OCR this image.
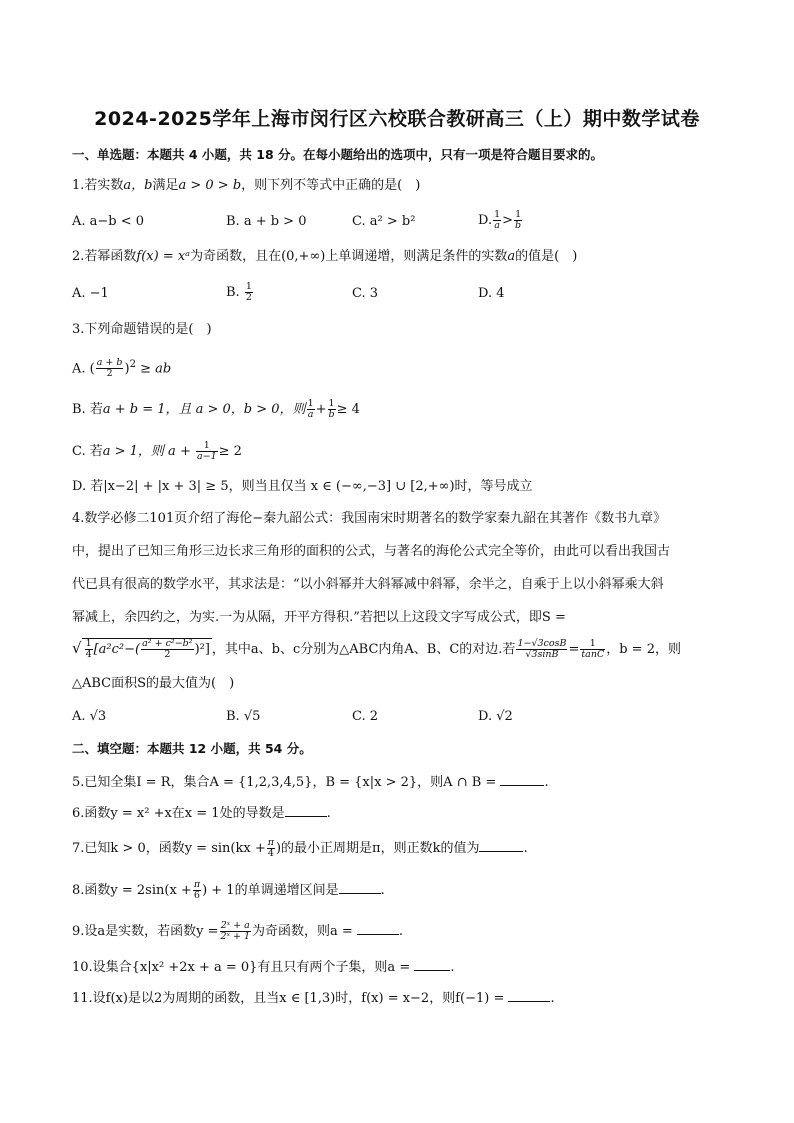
2024-2025学年上海市闵行区六校联合教研高三（上）期中数学试卷
一、单选题：本题共 4 小题，共 18 分。在每小题给出的选项中，只有一项是符合题目要求的。
1.若实数a，b满足a > 0 > b，则下列不等式中正确的是(　)
A. a−b < 0	B. a + b > 0	C. a² > b²	D. $\frac{1}{a} > \frac{1}{b}$
2.若幂函数f(x) = xᵃ为奇函数，且在(0,+∞)上单调递增，则满足条件的实数a的值是(　)
A. −1	B. $\frac{1}{2}$	C. 3	D. 4
3.下列命题错误的是(　)
A. ( $\frac{a + b}{2} )^2$ ≥ ab
B. 若a + b = 1，且 a > 0，b > 0，则 $\frac{1}{a} + \frac{1}{b} \ge 4$
C. 若a > 1，则 $a + \frac{1}{a-1} \ge 2$
D. 若|x−2| + |x + 3| ≥ 5，则当且仅当 x ∈ (−∞,−3] ∪ [2,+∞)时，等号成立
4.数学必修二101页介绍了海伦−秦九韶公式：我国南宋时期著名的数学家秦九韶在其著作《数书九章》
中，提出了已知三角形三边长求三角形的面积的公式，与著名的海伦公式完全等价，由此可以看出我国古
代已具有很高的数学水平，其求法是：“以小斜幂并大斜幂减中斜幂，余半之，自乘于上以小斜幂乘大斜
幂减上，余四约之，为实.一为从隔，开平方得积.”若把以上这段文字写成公式，即S =
√ $\frac{1}{4} [a^2c^2-( \frac{\text{a² + c²−b²}}{2} )^2]$ ，其中a、b、c分别为△ABC内角A、B、C的对边.若 $\frac{1-√3\cos B}{√3\sin B} = \frac{1}{\tan C}$ ，b = 2，则
△ABC面积S的最大值为(　)
A. √3	B. √5	C. 2	D. √2
二、填空题：本题共 12 小题，共 54 分。
5.已知全集I = R，集合A = {1,2,3,4,5}，B = {x|x > 2}，则A ∩ B =	.
6.函数y = x² +x在x = 1处的导数是	.
7.已知k > 0，函数$y = \sin(kx + \frac{\pi}{4}$ )的最小正周期是π，则正数k的值为	.
8.函数$y = 2\sin(x + \frac{\pi}{6}$ ) + 1的单调递增区间是	.
9.设a是实数，若函数$y = \frac{\text{2ˣ + a}}{\text{2ˣ + 1}}$ 为奇函数，则a =	.
10.设集合{x|x² +2x + a = 0}有且只有两个子集，则a =	.
11.设f(x)是以2为周期的函数，且当x ∈ [1,3)时，f(x) = x−2，则f(−1) =	.
